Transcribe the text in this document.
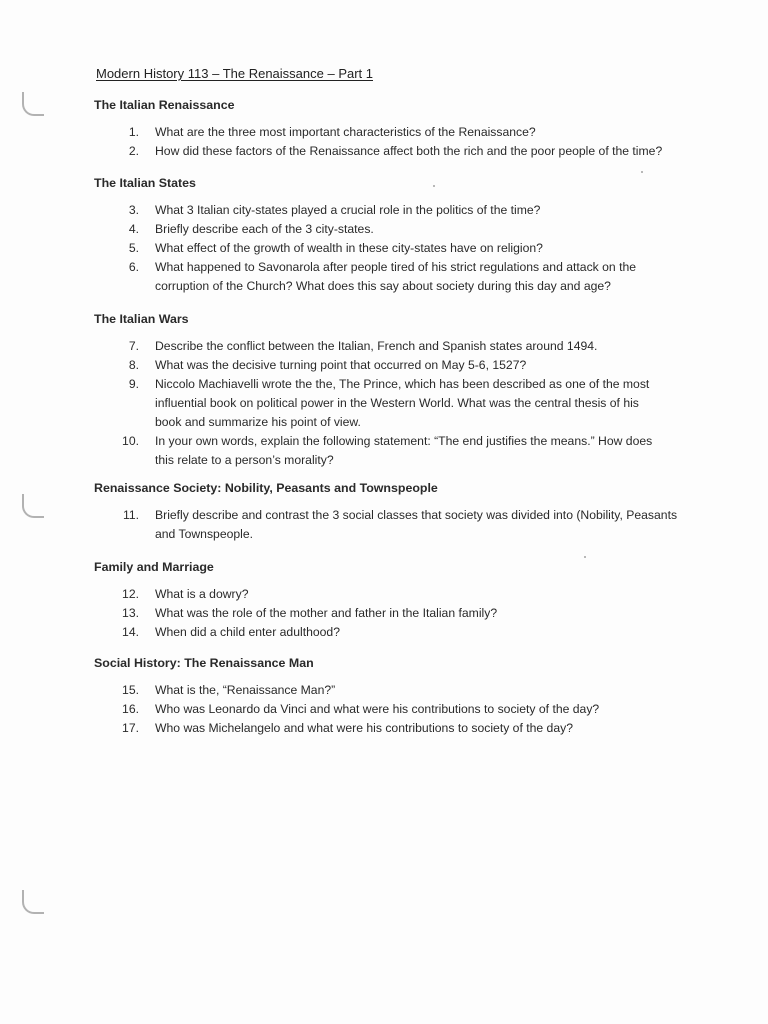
Modern History 113 – The Renaissance – Part 1
The Italian Renaissance
1. What are the three most important characteristics of the Renaissance?
2. How did these factors of the Renaissance affect both the rich and the poor people of the time?
The Italian States
3. What 3 Italian city-states played a crucial role in the politics of the time?
4. Briefly describe each of the 3 city-states.
5. What effect of the growth of wealth in these city-states have on religion?
6. What happened to Savonarola after people tired of his strict regulations and attack on the
corruption of the Church? What does this say about society during this day and age?
The Italian Wars
7. Describe the conflict between the Italian, French and Spanish states around 1494.
8. What was the decisive turning point that occurred on May 5-6, 1527?
9. Niccolo Machiavelli wrote the the, The Prince, which has been described as one of the most
influential book on political power in the Western World. What was the central thesis of his
book and summarize his point of view.
10. In your own words, explain the following statement: “The end justifies the means.” How does
this relate to a person’s morality?
Renaissance Society: Nobility, Peasants and Townspeople
11. Briefly describe and contrast the 3 social classes that society was divided into (Nobility, Peasants
and Townspeople.
Family and Marriage
12. What is a dowry?
13. What was the role of the mother and father in the Italian family?
14. When did a child enter adulthood?
Social History: The Renaissance Man
15. What is the, “Renaissance Man?”
16. Who was Leonardo da Vinci and what were his contributions to society of the day?
17. Who was Michelangelo and what were his contributions to society of the day?
